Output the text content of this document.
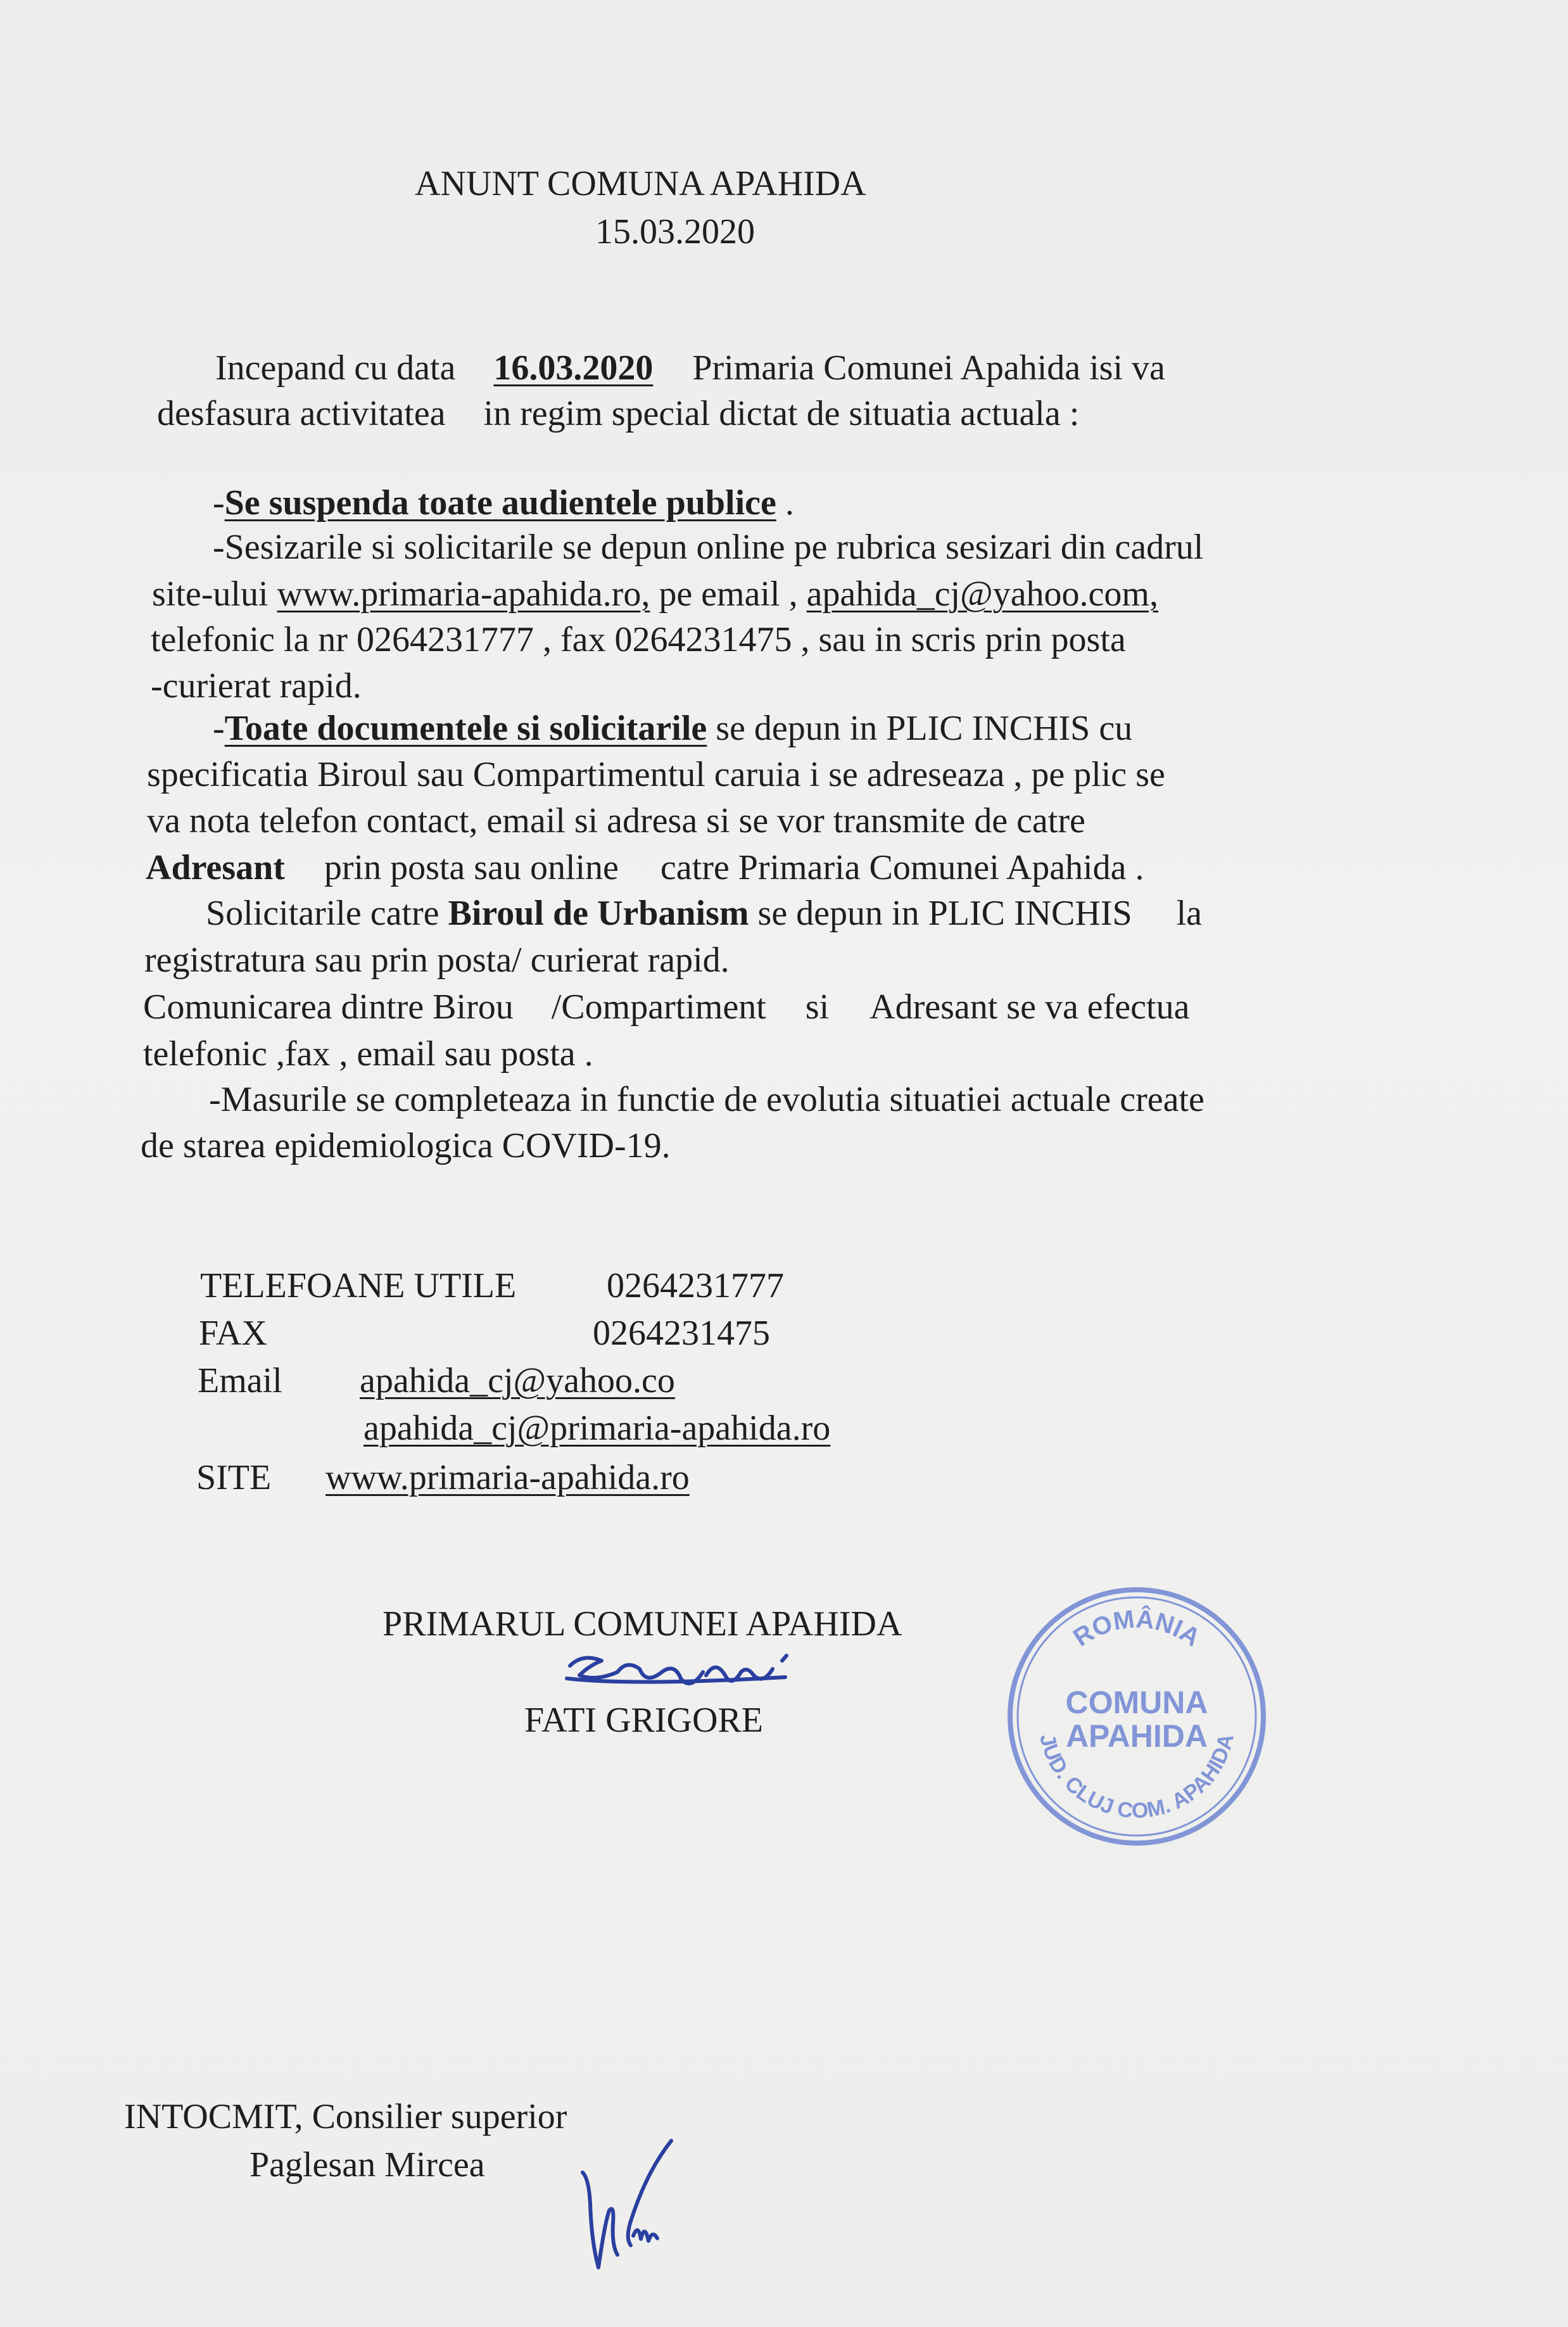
ANUNT COMUNA APAHIDA
15.03.2020
Incepand cu data 16.03.2020 Primaria Comunei Apahida isi va
desfasura activitatea in regim special dictat de situatia actuala :
-Se suspenda toate audientele publice .
-Sesizarile si solicitarile se depun online pe rubrica sesizari din cadrul
site-ului www.primaria-apahida.ro, pe email , apahida_cj@yahoo.com,
telefonic la nr 0264231777 , fax 0264231475 , sau in scris prin posta
-curierat rapid.
-Toate documentele si solicitarile se depun in PLIC INCHIS cu
specificatia Biroul sau Compartimentul caruia i se adreseaza , pe plic se
va nota telefon contact, email si adresa si se vor transmite de catre
Adresant prin posta sau online catre Primaria Comunei Apahida .
Solicitarile catre Biroul de Urbanism se depun in PLIC INCHIS la
registratura sau prin posta/ curierat rapid.
Comunicarea dintre Birou /Compartiment si Adresant se va efectua
telefonic ,fax , email sau posta .
-Masurile se completeaza in functie de evolutia situatiei actuale create
de starea epidemiologica COVID-19.
TELEFOANE UTILE	0264231777
FAX	0264231475
Email apahida_cj@yahoo.co
apahida_cj@primaria-apahida.ro
SITE www.primaria-apahida.ro
PRIMARUL COMUNEI APAHIDA
FATI GRIGORE
ROMÂNIA
COMUNA
APAHIDA
JUD. CLUJ COM. APAHIDA
INTOCMIT, Consilier superior
Paglesan Mircea
